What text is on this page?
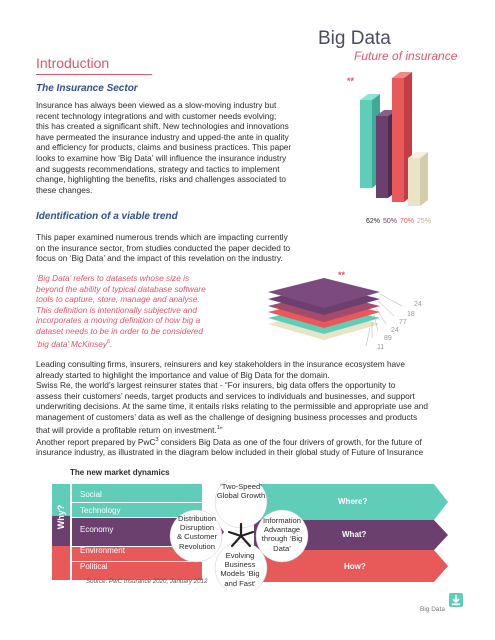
Big Data
Future of insurance
Introduction
The Insurance Sector
Insurance has always been viewed as a slow-moving industry but
recent technology integrations and with customer needs evolving;
this has created a significant shift. New technologies and innovations
have permeated the insurance industry and upped-the ante in quality
and efficiency for products, claims and business practices. This paper
looks to examine how ‘Big Data’ will influence the insurance industry
and suggests recommendations, strategy and tactics to implement
change, highlighting the benefits, risks and challenges associated to
these changes.
**
62% 50% 70% 25%
Identification of a viable trend
This paper examined numerous trends which are impacting currently
on the insurance sector, from studies conducted the paper decided to
focus on ‘Big Data’ and the impact of this revelation on the industry.
‘Big Data’ refers to datasets whose size is
beyond the ability of typical database software
tools to capture, store, manage and analyse.
This definition is intentionally subjective and
incorporates a moving definition of how big a
dataset needs to be in order to be considered
‘big data’ McKinsey$^6$.
**
24
18
77
24
89
11
Leading consulting firms, insurers, reinsurers and key stakeholders in the insurance ecosystem have
already started to highlight the importance and value of Big Data for the domain.
Swiss Re, the world’s largest reinsurer states that - “For insurers, big data offers the opportunity to
assess their customers’ needs, target products and services to individuals and businesses, and support
underwriting decisions. At the same time, it entails risks relating to the permissible and appropriate use and
management of customers’ data as well as the challenge of designing business processes and products
that will provide a profitable return on investment.$^1$”
Another report prepared by PwC$^3$ considers Big Data as one of the four drivers of growth, for the future of
insurance industry, as illustrated in the diagram below included in their global study of Future of Insurance
The new market dynamics
Why?
Social
Technology
Economy
Environment
Political
‘Two-Speed’
Global Growth
Distribution
Disruption
& Customer
Revolution
Information
Advantage
through ‘Big
Data’
Evolving
Business
Models ‘Big
and Fast’
Where?
What?
How?
Source: PwC Insurance 2020, January 2012
Big Data
